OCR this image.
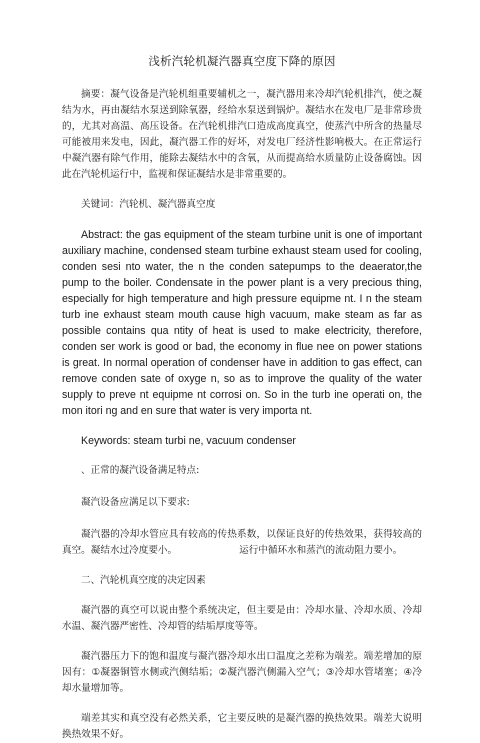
浅析汽轮机凝汽器真空度下降的原因

摘要：凝气设备是汽轮机组重要辅机之一，凝汽器用来冷却汽轮机排汽，使之凝结为水，再由凝结水泵送到除氧器，经给水泵送到锅炉。凝结水在发电厂是非常珍贵的，尤其对高温、高压设备。在汽轮机排汽口造成高度真空，使蒸汽中所含的热量尽可能被用来发电，因此，凝汽器工作的好坏，对发电厂经济性影响极大。在正常运行中凝汽器有除气作用，能除去凝结水中的含氧，从而提高给水质量防止设备腐蚀。因此在汽轮机运行中，监视和保证凝结水是非常重要的。

关键词：汽轮机、凝汽器真空度

Abstract: the gas equipment of the steam turbine unit is one of important auxiliary machine, condensed steam turbine exhaust steam used for cooling, conden sesi nto water, the n the conden satepumps to the deaerator,the pump to the boiler. Condensate in the power plant is a very precious thing, especially for high temperature and high pressure equipme nt. I n the steam turb ine exhaust steam mouth cause high vacuum, make steam as far as possible contains qua ntity of heat is used to make electricity, therefore, conden ser work is good or bad, the economy in flue nee on power stations is great. In normal operation of condenser have in addition to gas effect, can remove conden sate of oxyge n, so as to improve the quality of the water supply to preve nt equipme nt corrosi on. So in the turb ine operati on, the mon itori ng and en sure that water is very importa nt.

Keywords: steam turbi ne, vacuum condenser

、正常的凝汽设备满足特点:

凝汽设备应满足以下要求:

凝汽器的冷却水管应具有较高的传热系数，以保证良好的传热效果，获得较高的真空。凝结水过冷度要小。	运行中循环水和蒸汽的流动阻力要小。

二、汽轮机真空度的决定因素

凝汽器的真空可以说由整个系统决定，但主要是由：冷却水量、冷却水质、冷却水温、凝汽器严密性、冷却管的结垢厚度等等。

凝汽器压力下的饱和温度与凝汽器冷却水出口温度之差称为端差。端差增加的原因有：①凝器铜管水侧或汽侧结垢；②凝汽器汽侧漏入空气；③冷却水管堵塞；④冷却水量增加等。

端差其实和真空没有必然关系，它主要反映的是凝汽器的换热效果。端差大说明换热效果不好。
